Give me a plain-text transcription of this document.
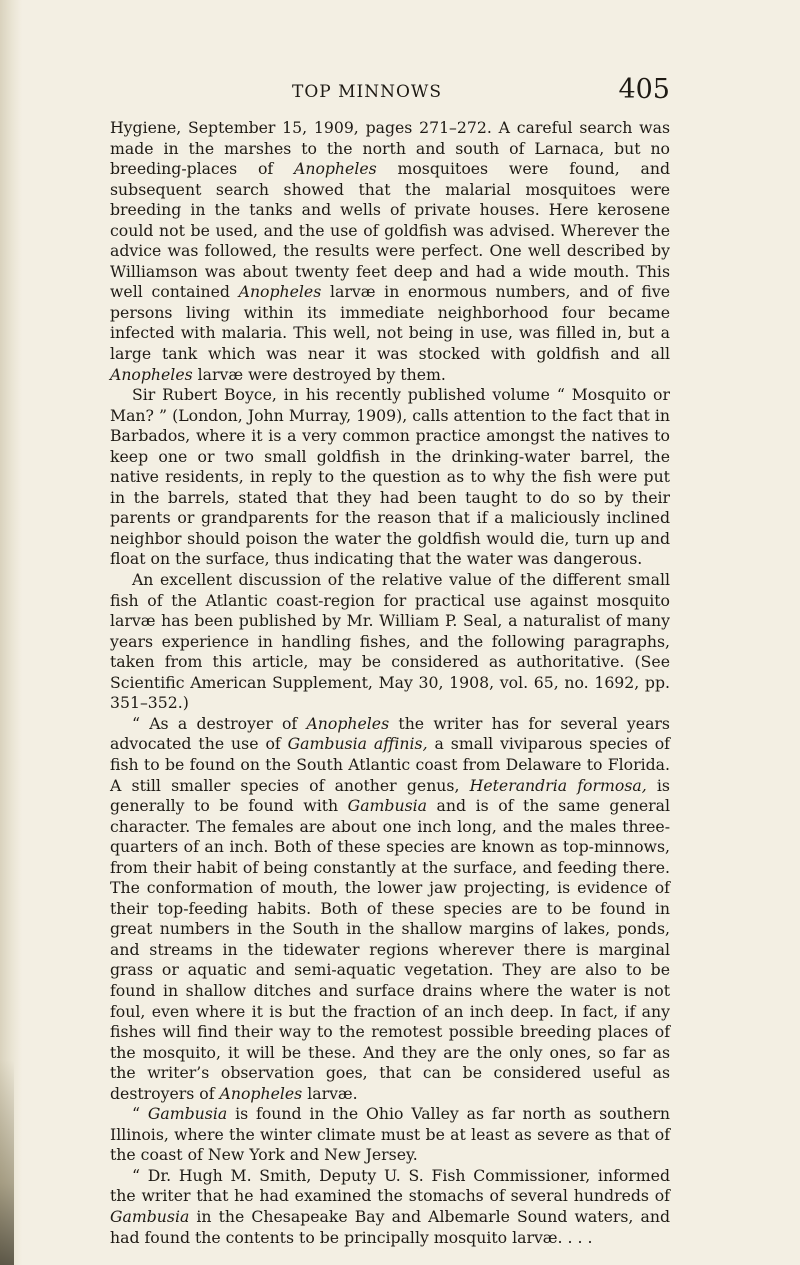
TOP MINNOWS	405

Hygiene, September 15, 1909, pages 271–272. A careful search was made in the marshes to the north and south of Larnaca, but no breeding-places of Anopheles mosquitoes were found, and subsequent search showed that the malarial mosquitoes were breeding in the tanks and wells of private houses. Here kerosene could not be used, and the use of goldfish was advised. Wherever the advice was followed, the results were perfect. One well described by Williamson was about twenty feet deep and had a wide mouth. This well contained Anopheles larvæ in enormous numbers, and of five persons living within its immediate neighborhood four became infected with malaria. This well, not being in use, was filled in, but a large tank which was near it was stocked with goldfish and all Anopheles larvæ were destroyed by them.

Sir Rubert Boyce, in his recently published volume “ Mosquito or Man? ” (London, John Murray, 1909), calls attention to the fact that in Barbados, where it is a very common practice amongst the natives to keep one or two small goldfish in the drinking-water barrel, the native residents, in reply to the question as to why the fish were put in the barrels, stated that they had been taught to do so by their parents or grandparents for the reason that if a maliciously inclined neighbor should poison the water the goldfish would die, turn up and float on the surface, thus indicating that the water was dangerous.

An excellent discussion of the relative value of the different small fish of the Atlantic coast-region for practical use against mosquito larvæ has been published by Mr. William P. Seal, a naturalist of many years experience in handling fishes, and the following paragraphs, taken from this article, may be considered as authoritative. (See Scientific American Supplement, May 30, 1908, vol. 65, no. 1692, pp. 351–352.)

“ As a destroyer of Anopheles the writer has for several years advocated the use of Gambusia affinis, a small viviparous species of fish to be found on the South Atlantic coast from Delaware to Florida. A still smaller species of another genus, Heterandria formosa, is generally to be found with Gambusia and is of the same general character. The females are about one inch long, and the males three-quarters of an inch. Both of these species are known as top-minnows, from their habit of being constantly at the surface, and feeding there. The conformation of mouth, the lower jaw projecting, is evidence of their top-feeding habits. Both of these species are to be found in great numbers in the South in the shallow margins of lakes, ponds, and streams in the tidewater regions wherever there is marginal grass or aquatic and semi-aquatic vegetation. They are also to be found in shallow ditches and surface drains where the water is not foul, even where it is but the fraction of an inch deep. In fact, if any fishes will find their way to the remotest possible breeding places of the mosquito, it will be these. And they are the only ones, so far as the writer’s observation goes, that can be considered useful as destroyers of Anopheles larvæ.

“ Gambusia is found in the Ohio Valley as far north as southern Illinois, where the winter climate must be at least as severe as that of the coast of New York and New Jersey.

“ Dr. Hugh M. Smith, Deputy U. S. Fish Commissioner, informed the writer that he had examined the stomachs of several hundreds of Gambusia in the Chesapeake Bay and Albemarle Sound waters, and had found the contents to be principally mosquito larvæ. . . .
